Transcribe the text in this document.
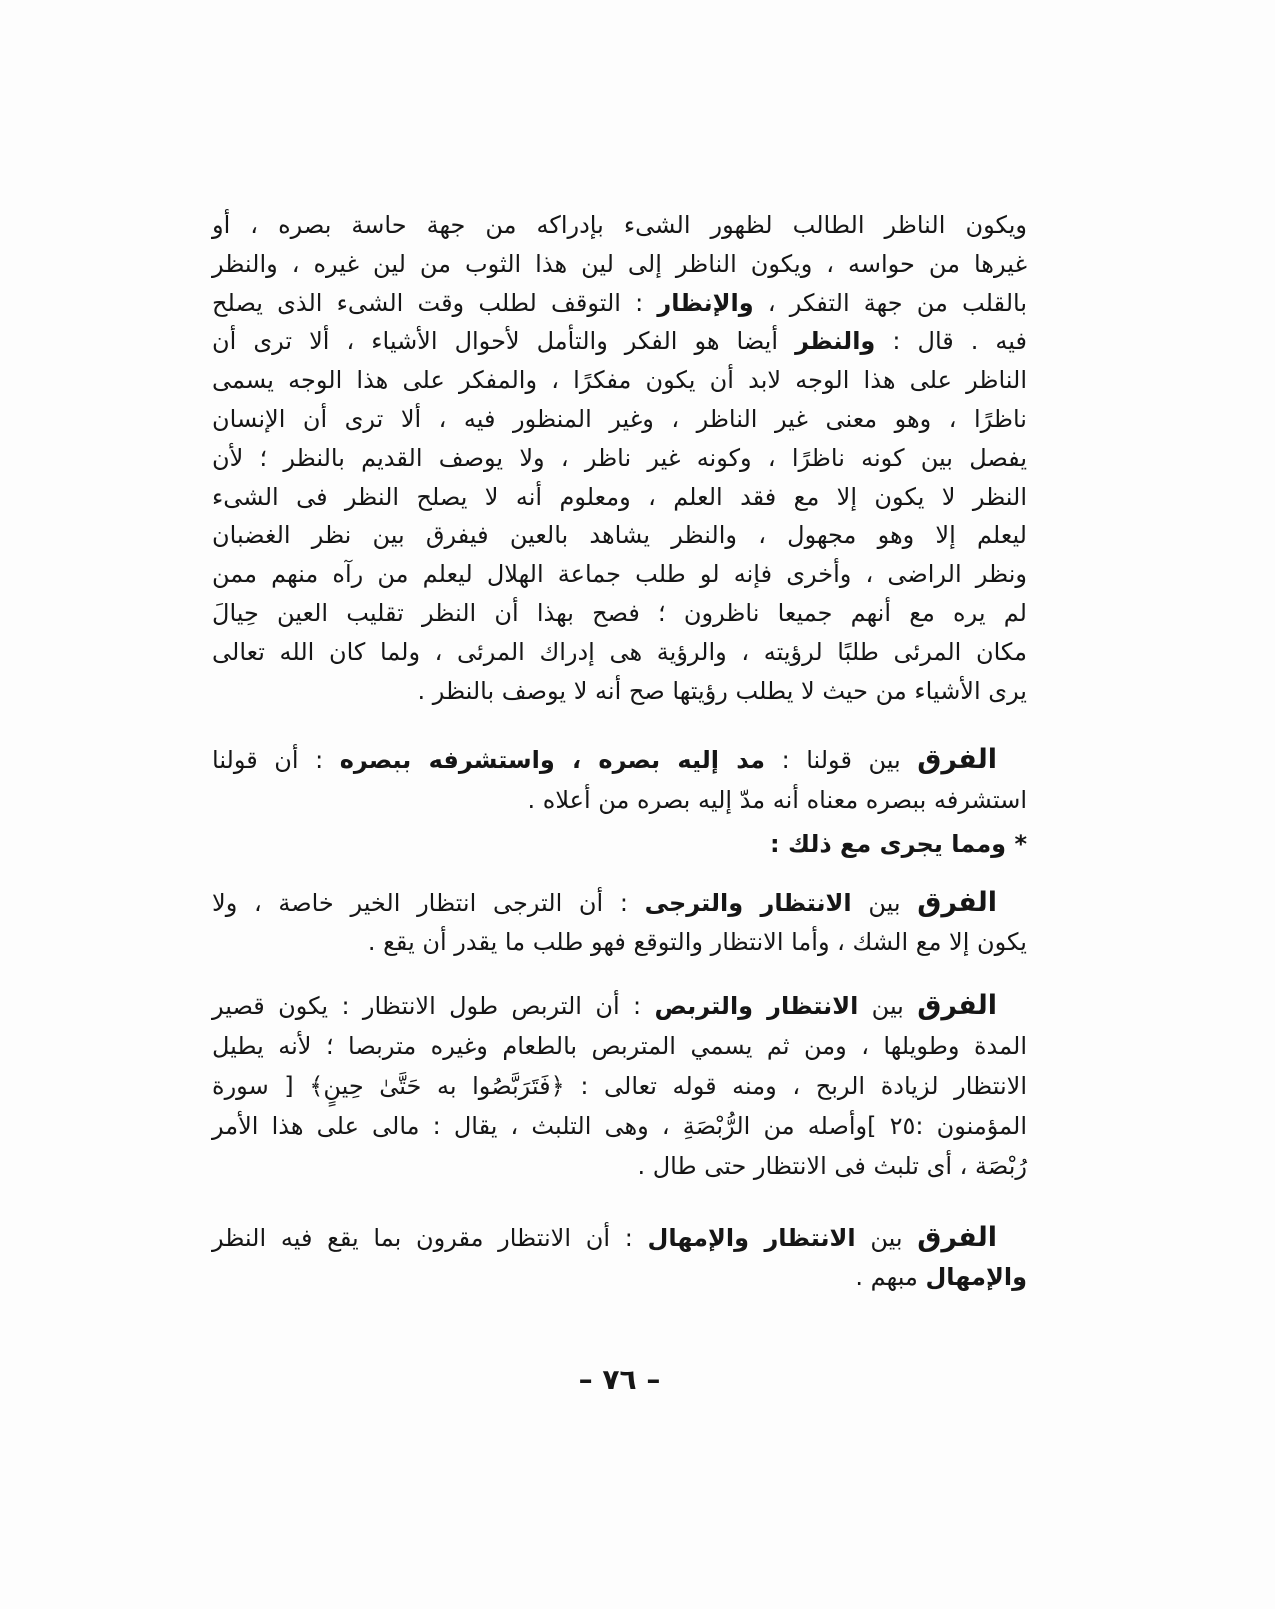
ويكون الناظر الطالب لظهور الشىء بإدراكه من جهة حاسة بصره ، أو
غيرها من حواسه ، ويكون الناظر إلى لين هذا الثوب من لين غيره ، والنظر
بالقلب من جهة التفكر ، والإنظار : التوقف لطلب وقت الشىء الذى يصلح
فيه . قال : والنظر أيضا هو الفكر والتأمل لأحوال الأشياء ، ألا ترى أن
الناظر على هذا الوجه لابد أن يكون مفكرًا ، والمفكر على هذا الوجه يسمى
ناظرًا ، وهو معنى غير الناظر ، وغير المنظور فيه ، ألا ترى أن الإنسان
يفصل بين كونه ناظرًا ، وكونه غير ناظر ، ولا يوصف القديم بالنظر ؛ لأن
النظر لا يكون إلا مع فقد العلم ، ومعلوم أنه لا يصلح النظر فى الشىء
ليعلم إلا وهو مجهول ، والنظر يشاهد بالعين فيفرق بين نظر الغضبان
ونظر الراضى ، وأخرى فإنه لو طلب جماعة الهلال ليعلم من رآه منهم ممن
لم يره مع أنهم جميعا ناظرون ؛ فصح بهذا أن النظر تقليب العين حِيالَ
مكان المرئى طلبًا لرؤيته ، والرؤية هى إدراك المرئى ، ولما كان الله تعالى
يرى الأشياء من حيث لا يطلب رؤيتها صح أنه لا يوصف بالنظر .
الفرق بين قولنا : مد إليه بصره ، واستشرفه ببصره : أن قولنا
استشرفه ببصره معناه أنه مدّ إليه بصره من أعلاه .
* ومما يجرى مع ذلك :
الفرق بين الانتظار والترجى : أن الترجى انتظار الخير خاصة ، ولا
يكون إلا مع الشك ، وأما الانتظار والتوقع فهو طلب ما يقدر أن يقع .
الفرق بين الانتظار والتربص : أن التربص طول الانتظار : يكون قصير
المدة وطويلها ، ومن ثم يسمي المتربص بالطعام وغيره متربصا ؛ لأنه يطيل
الانتظار لزيادة الربح ، ومنه قوله تعالى : ﴿فَتَرَبَّصُوا به حَتَّىٰ حِينٍ﴾ [ سورة
المؤمنون :٢٥ ]وأصله من الرُّبْصَةِ ، وهى التلبث ، يقال : مالى على هذا الأمر
رُبْصَة ، أى تلبث فى الانتظار حتى طال .
الفرق بين الانتظار والإمهال : أن الانتظار مقرون بما يقع فيه النظر
والإمهال مبهم .
– ٧٦ –
